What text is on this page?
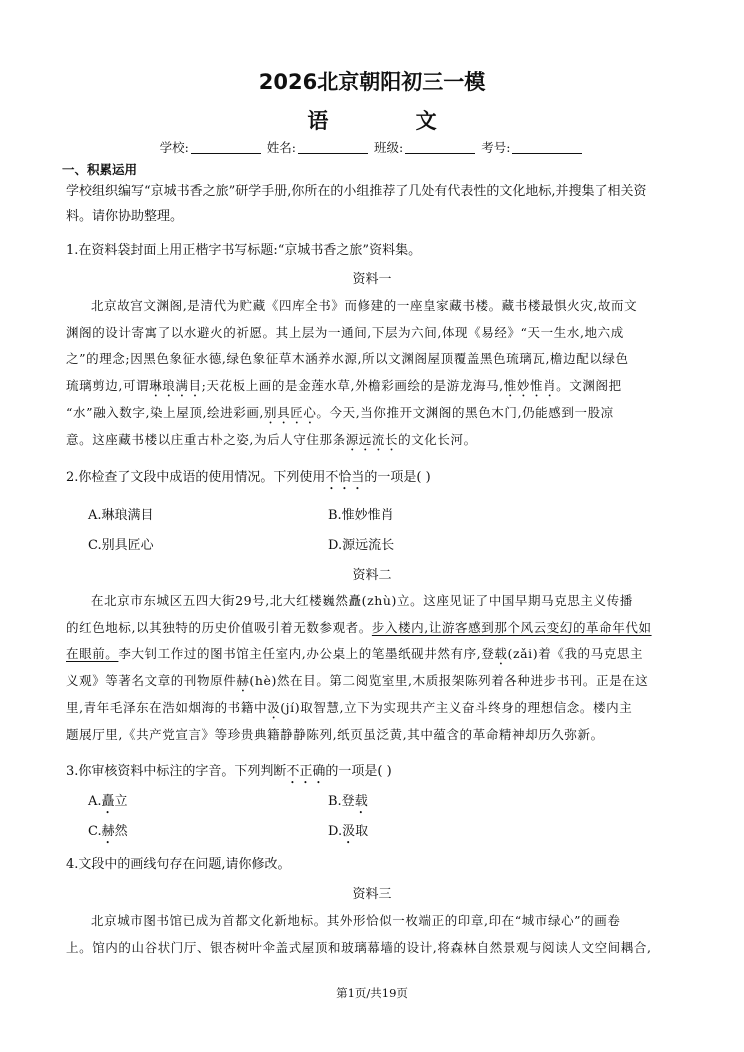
2026北京朝阳初三一模
语 文
学校:	姓名:	班级:	考号:
一、积累运用
学校组织编写“京城书香之旅”研学手册,你所在的小组推荐了几处有代表性的文化地标,并搜集了相关资
料。请你协助整理。
1.在资料袋封面上用正楷字书写标题:“京城书香之旅”资料集。
资料一
北京故宫文渊阁,是清代为贮藏《四库全书》而修建的一座皇家藏书楼。藏书楼最惧火灾,故而文
渊阁的设计寄寓了以水避火的祈愿。其上层为一通间,下层为六间,体现《易经》“天一生水,地六成
之”的理念;因黑色象征水德,绿色象征草木涵养水源,所以文渊阁屋顶覆盖黑色琉璃瓦,檐边配以绿色
琉璃剪边,可谓琳琅满目;天花板上画的是金莲水草,外檐彩画绘的是游龙海马,惟妙惟肖。文渊阁把
“水”融入数字,染上屋顶,绘进彩画,别具匠心。今天,当你推开文渊阁的黑色木门,仍能感到一股凉
意。这座藏书楼以庄重古朴之姿,为后人守住那条源远流长的文化长河。
2.你检查了文段中成语的使用情况。下列使用不恰当的一项是( )
A.琳琅满目	B.惟妙惟肖
C.别具匠心	D.源远流长
资料二
在北京市东城区五四大街29号,北大红楼巍然矗(zhù)立。这座见证了中国早期马克思主义传播
的红色地标,以其独特的历史价值吸引着无数参观者。步入楼内,让游客感到那个风云变幻的革命年代如
在眼前。李大钊工作过的图书馆主任室内,办公桌上的笔墨纸砚井然有序,登载(zǎi)着《我的马克思主
义观》等著名文章的刊物原件赫(hè)然在目。第二阅览室里,木质报架陈列着各种进步书刊。正是在这
里,青年毛泽东在浩如烟海的书籍中汲(jí)取智慧,立下为实现共产主义奋斗终身的理想信念。楼内主
题展厅里,《共产党宣言》等珍贵典籍静静陈列,纸页虽泛黄,其中蕴含的革命精神却历久弥新。
3.你审核资料中标注的字音。下列判断不正确的一项是( )
A.矗立	B.登载
C.赫然	D.汲取
4.文段中的画线句存在问题,请你修改。
资料三
北京城市图书馆已成为首都文化新地标。其外形恰似一枚端正的印章,印在“城市绿心”的画卷
上。馆内的山谷状门厅、银杏树叶伞盖式屋顶和玻璃幕墙的设计,将森林自然景观与阅读人文空间耦合,
第1页/共19页
